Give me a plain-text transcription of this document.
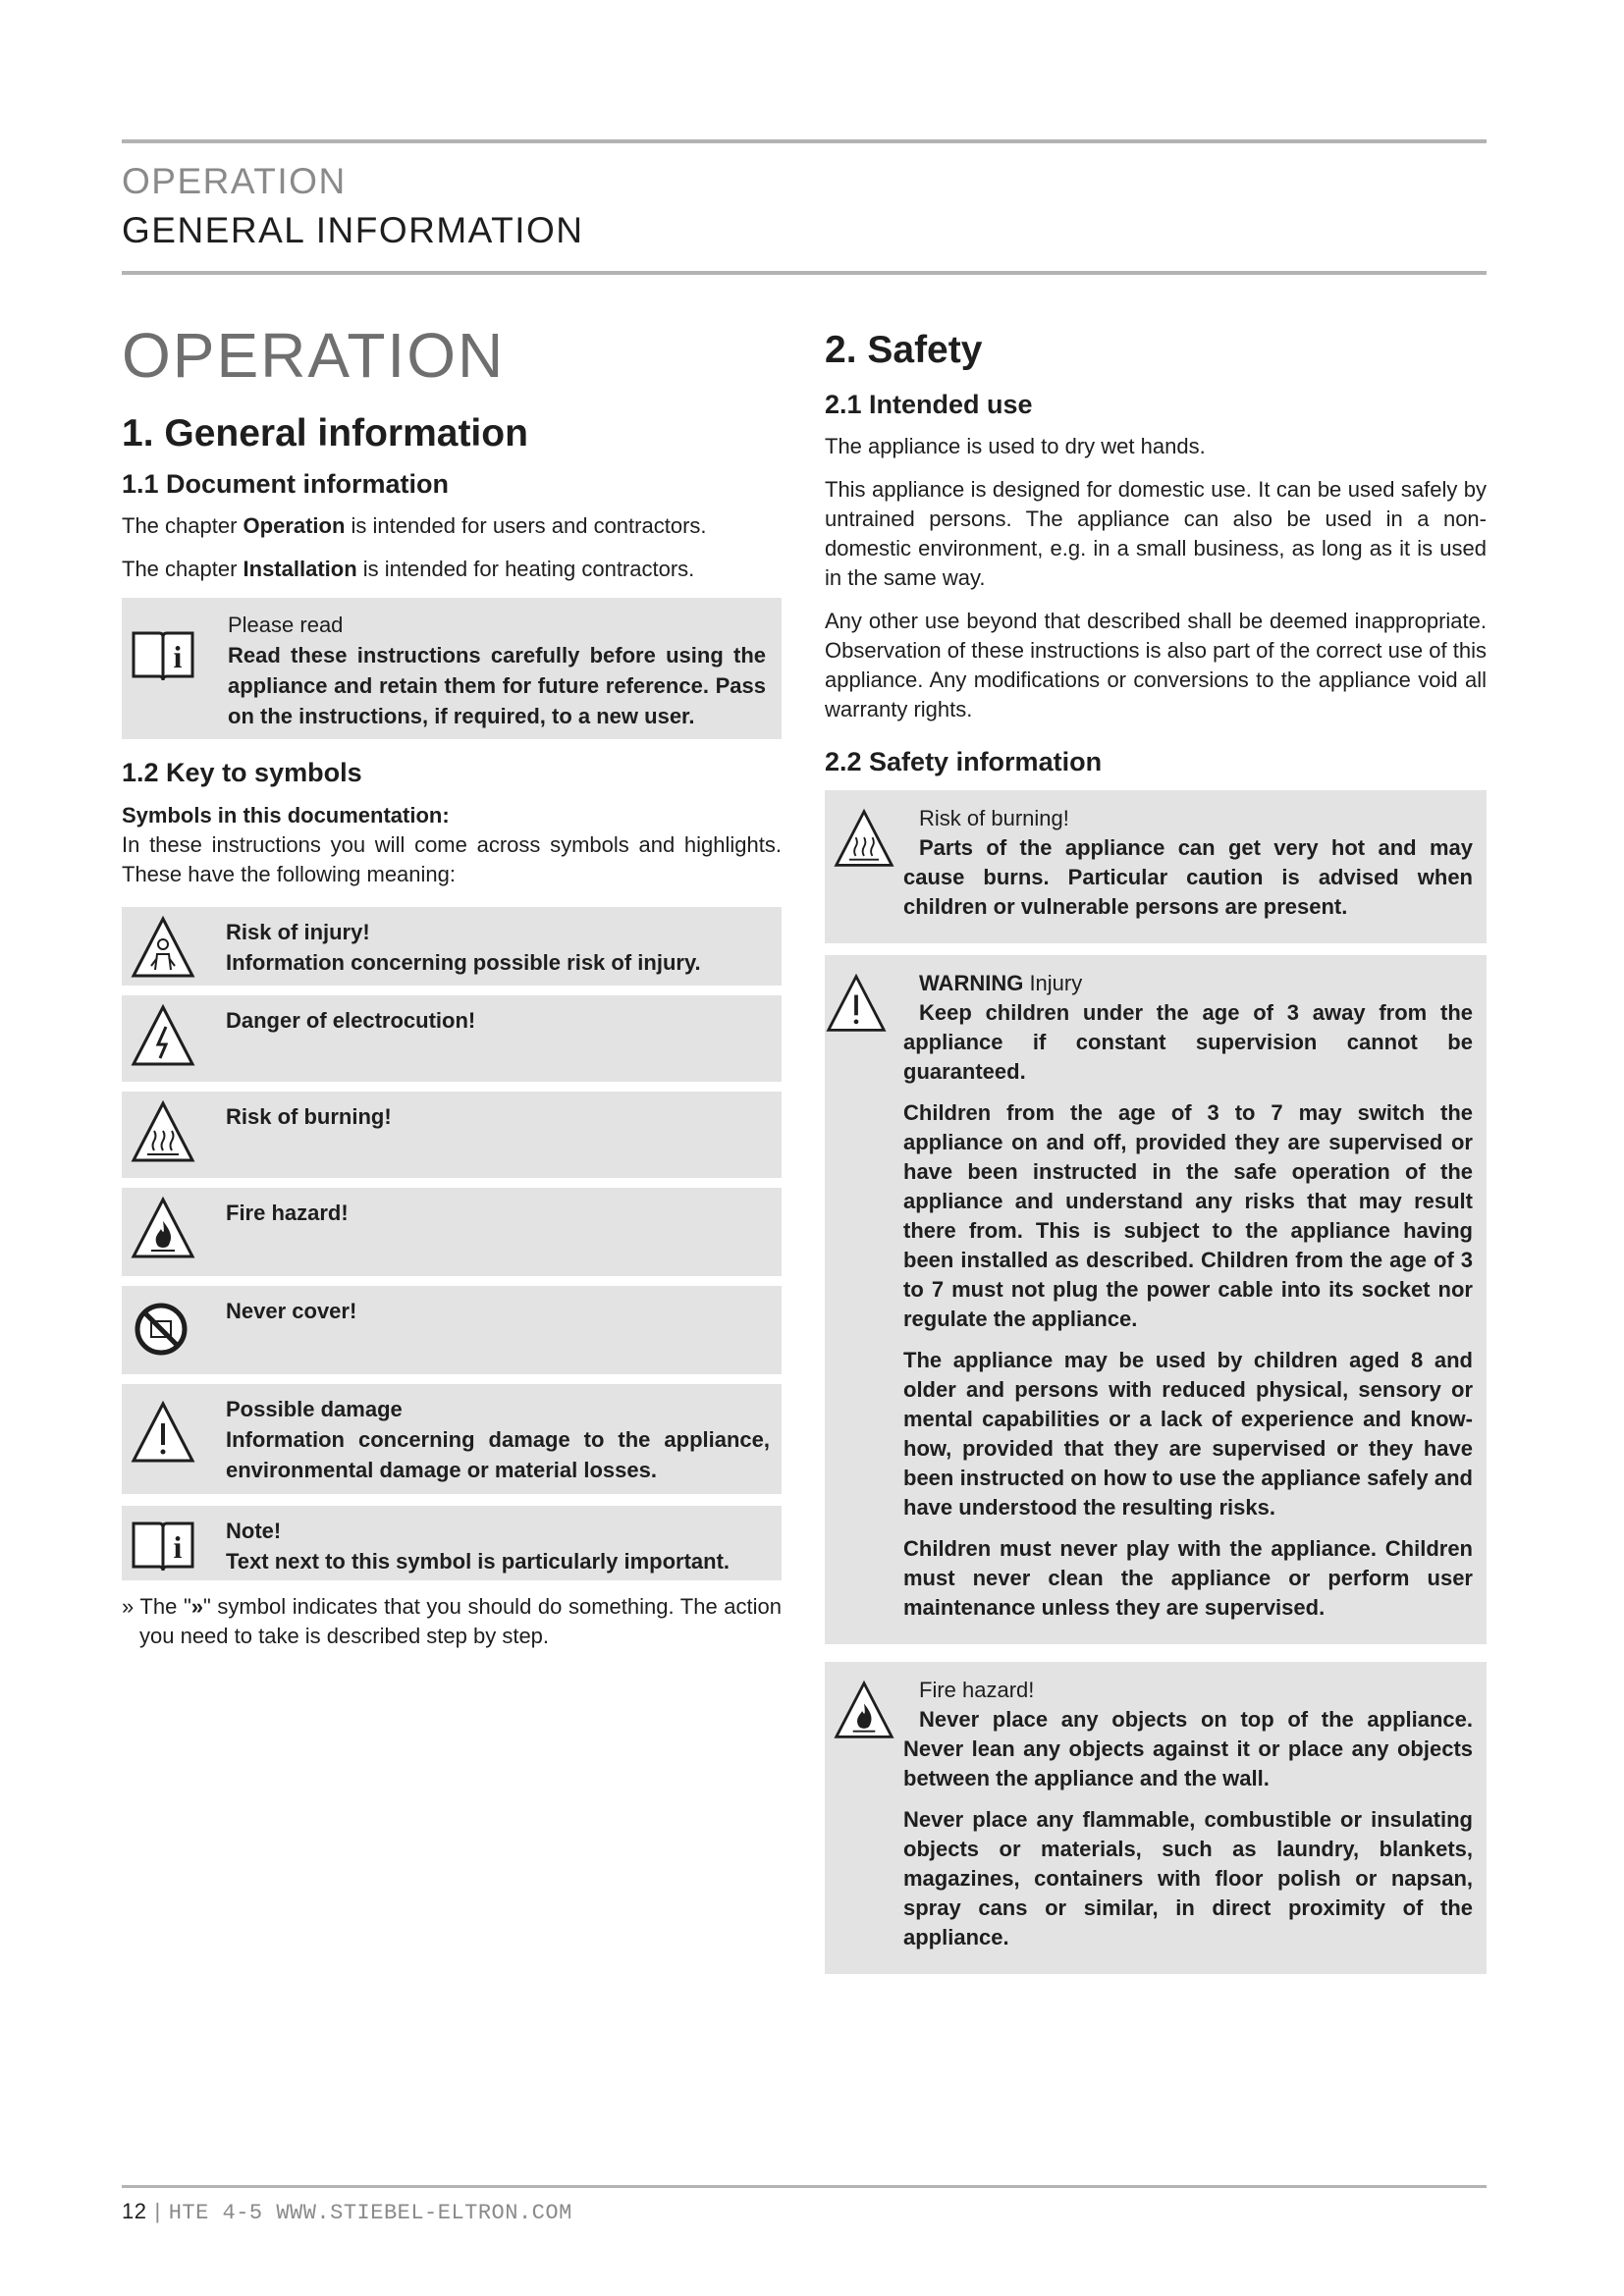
OPERATION
GENERAL INFORMATION
OPERATION
1. General information
1.1 Document information

The chapter Operation is intended for users and contractors.

The chapter Installation is intended for heating contractors.

i
Please read
Read these instructions carefully before using the appliance and retain them for future reference. Pass on the instructions, if required, to a new user.
1.2 Key to symbols
Symbols in this documentation:

In these instructions you will come across symbols and highlights. These have the following meaning:

Risk of injury!
Information concerning possible risk of injury.
Danger of electrocution!
Risk of burning!
Fire hazard!
Never cover!
Possible damage
Information concerning damage to the appliance, environmental damage or material losses.
i Note!
Text next to this symbol is particularly important.
» The "»" symbol indicates that you should do something. The action you need to take is described step by step.
2. Safety
2.1 Intended use

The appliance is used to dry wet hands.

This appliance is designed for domestic use. It can be used safely by untrained persons. The appliance can also be used in a non-domestic environment, e.g. in a small business, as long as it is used in the same way.

Any other use beyond that described shall be deemed inappropriate. Observation of these instructions is also part of the correct use of this appliance. Any modifications or conversions to the appliance void all warranty rights.

2.2 Safety information
Risk of burning!

Parts of the appliance can get very hot and may cause burns. Particular caution is advised when children or vulnerable persons are present.

WARNING Injury

Keep children under the age of 3 away from the appliance if constant supervision cannot be guaranteed.

Children from the age of 3 to 7 may switch the appliance on and off, provided they are supervised or have been instructed in the safe operation of the appliance and understand any risks that may result there from. This is subject to the appliance having been installed as described. Children from the age of 3 to 7 must not plug the power cable into its socket nor regulate the appliance.

The appliance may be used by children aged 8 and older and persons with reduced physical, sensory or mental capabilities or a lack of experience and know-how, provided that they are supervised or they have been instructed on how to use the appliance safely and have understood the resulting risks.

Children must never play with the appliance. Children must never clean the appliance or perform user maintenance unless they are supervised.

Fire hazard!

Never place any objects on top of the appliance. Never lean any objects against it or place any objects between the appliance and the wall.

Never place any flammable, combustible or insulating objects or materials, such as laundry, blankets, magazines, containers with floor polish or napsan, spray cans or similar, in direct proximity of the appliance.

12 | HTE 4-5 WWW.STIEBEL-ELTRON.COM
